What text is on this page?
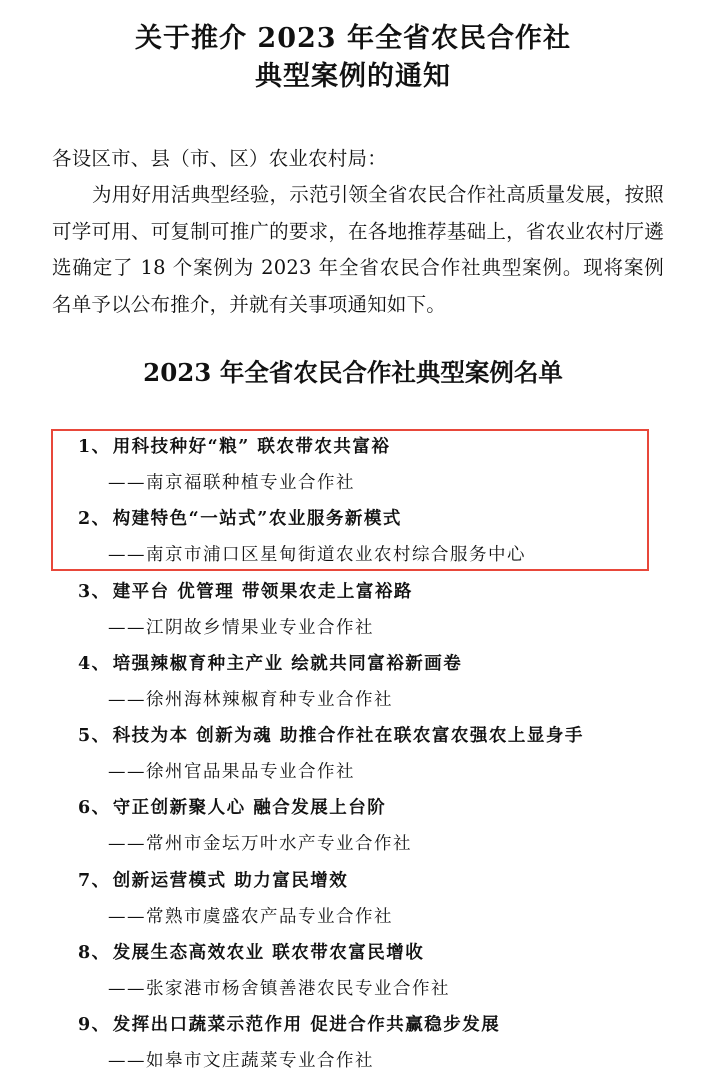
关于推介 2023 年全省农民合作社
典型案例的通知
各设区市、县（市、区）农业农村局：
为用好用活典型经验，示范引领全省农民合作社高质量发展，按照可学可用、可复制可推广的要求，在各地推荐基础上，省农业农村厅遴选确定了 18 个案例为 2023 年全省农民合作社典型案例。现将案例名单予以公布推介，并就有关事项通知如下。
2023 年全省农民合作社典型案例名单
1、 用科技种好“粮” 联农带农共富裕
——南京福联种植专业合作社
2、 构建特色“一站式”农业服务新模式
——南京市浦口区星甸街道农业农村综合服务中心
3、 建平台 优管理 带领果农走上富裕路
——江阴故乡情果业专业合作社
4、 培强辣椒育种主产业 绘就共同富裕新画卷
——徐州海林辣椒育种专业合作社
5、 科技为本 创新为魂 助推合作社在联农富农强农上显身手
——徐州官品果品专业合作社
6、 守正创新聚人心 融合发展上台阶
——常州市金坛万叶水产专业合作社
7、 创新运营模式 助力富民增效
——常熟市虞盛农产品专业合作社
8、 发展生态高效农业 联农带农富民增收
——张家港市杨舍镇善港农民专业合作社
9、 发挥出口蔬菜示范作用 促进合作共赢稳步发展
——如皋市文庄蔬菜专业合作社
